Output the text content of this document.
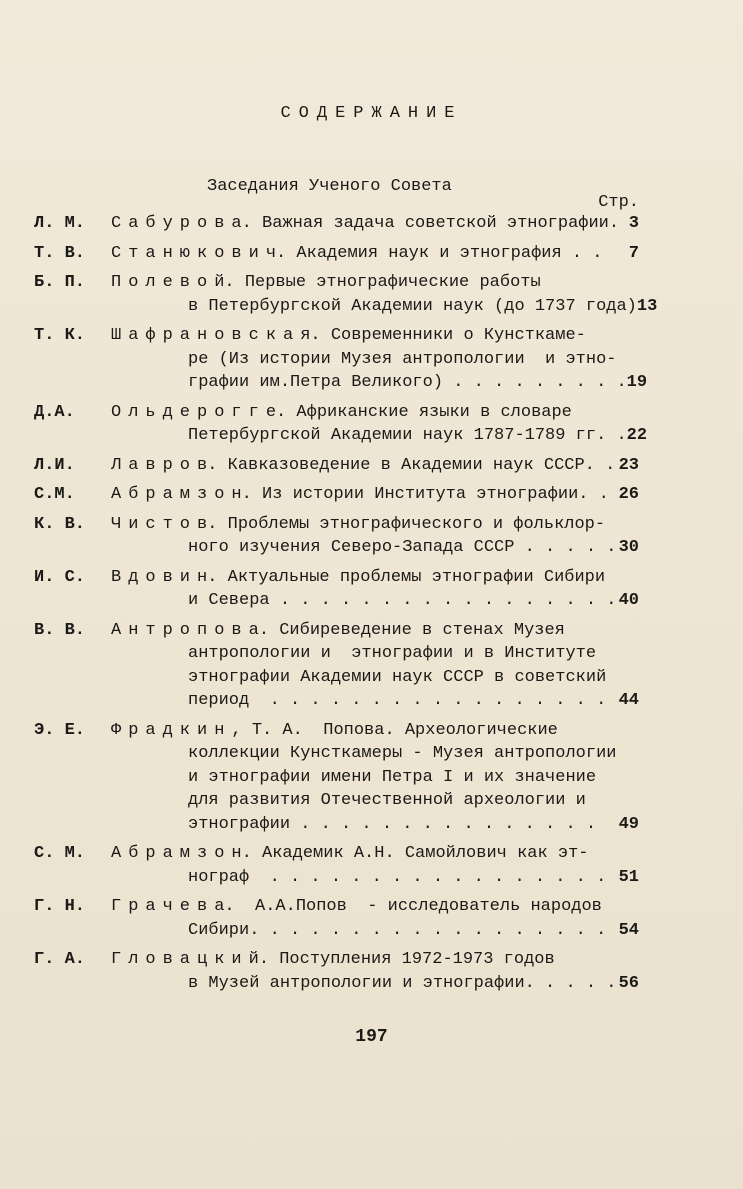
СОДЕРЖАНИЕ
Заседания Ученого Совета
Стр.
Л. М.	Сабурова. Важная задача советской этнографии. 3
Т. В.	Станюкович. Академия наук и этнография . . 7
Б. П.	Полевой. Первые этнографические работы
в Петербургской Академии наук (до 1737 года) 13
Т. К.	Шафрановская. Современники о Кунсткаме-
ре (Из истории Музея антропологии  и этно-
графии им.Петра Великого) . . . . . . . . . 19
Д.А.	Ольдерогге. Африканские языки в словаре
Петербургской Академии наук 1787-1789 гг. . 22
Л.И.	Лавров. Кавказоведение в Академии наук СССР. . 23
С.М.	Абрамзон. Из истории Института этнографии. . 26
К. В.	Чистов. Проблемы этнографического и фольклор-
ного изучения Северо-Запада СССР . . . . . 30
И. С.	Вдовин. Актуальные проблемы этнографии Сибири
и Севера . . . . . . . . . . . . . . . . . 40
В. В.	Антропова. Сибиреведение в стенах Музея
антропологии и  этнографии и в Институте
этнографии Академии наук СССР в советский
период  . . . . . . . . . . . . . . . . . 44
Э. Е.	Фрадкин, Т. А.  Попова. Археологические
коллекции Кунсткамеры - Музея антропологии
и этнографии имени Петра I и их значение
для развития Отечественной археологии и
этнографии . . . . . . . . . . . . . . . 49
С. М.	Абрамзон. Академик А.Н. Самойлович как эт-
нограф  . . . . . . . . . . . . . . . . . 51
Г. Н.	Грачева.  А.А.Попов  - исследователь народов
Сибири. . . . . . . . . . . . . . . . . . 54
Г. А.	Гловацкий. Поступления 1972-1973 годов
в Музей антропологии и этнографии. . . . . 56
197
